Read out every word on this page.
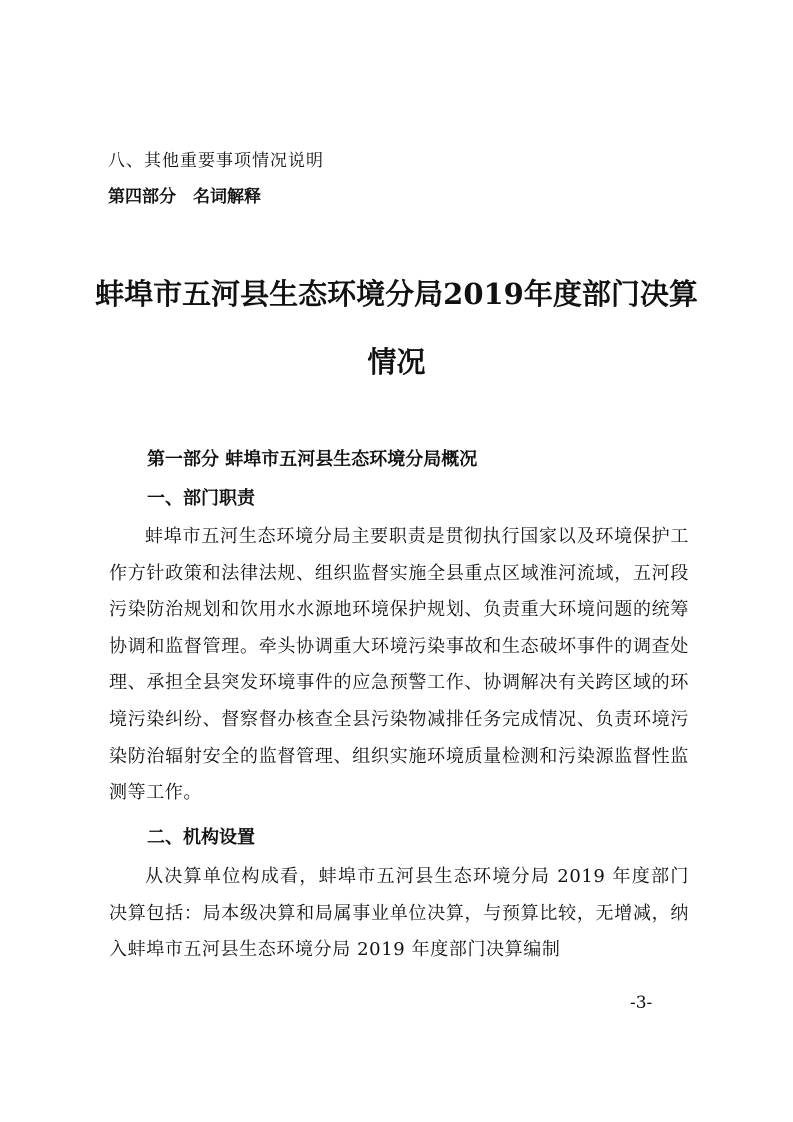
八、其他重要事项情况说明
第四部分　名词解释
蚌埠市五河县生态环境分局2019年度部门决算
情况
第一部分 蚌埠市五河县生态环境分局概况
一、部门职责

蚌埠市五河生态环境分局主要职责是贯彻执行国家以及环境保护工作方针政策和法律法规、组织监督实施全县重点区域淮河流域，五河段污染防治规划和饮用水水源地环境保护规划、负责重大环境问题的统筹协调和监督管理。牵头协调重大环境污染事故和生态破坏事件的调查处理、承担全县突发环境事件的应急预警工作、协调解决有关跨区域的环境污染纠纷、督察督办核查全县污染物减排任务完成情况、负责环境污染防治辐射安全的监督管理、组织实施环境质量检测和污染源监督性监测等工作。

二、机构设置

从决算单位构成看，蚌埠市五河县生态环境分局 2019 年度部门决算包括：局本级决算和局属事业单位决算，与预算比较，无增减，纳入蚌埠市五河县生态环境分局 2019 年度部门决算编制

-3-
